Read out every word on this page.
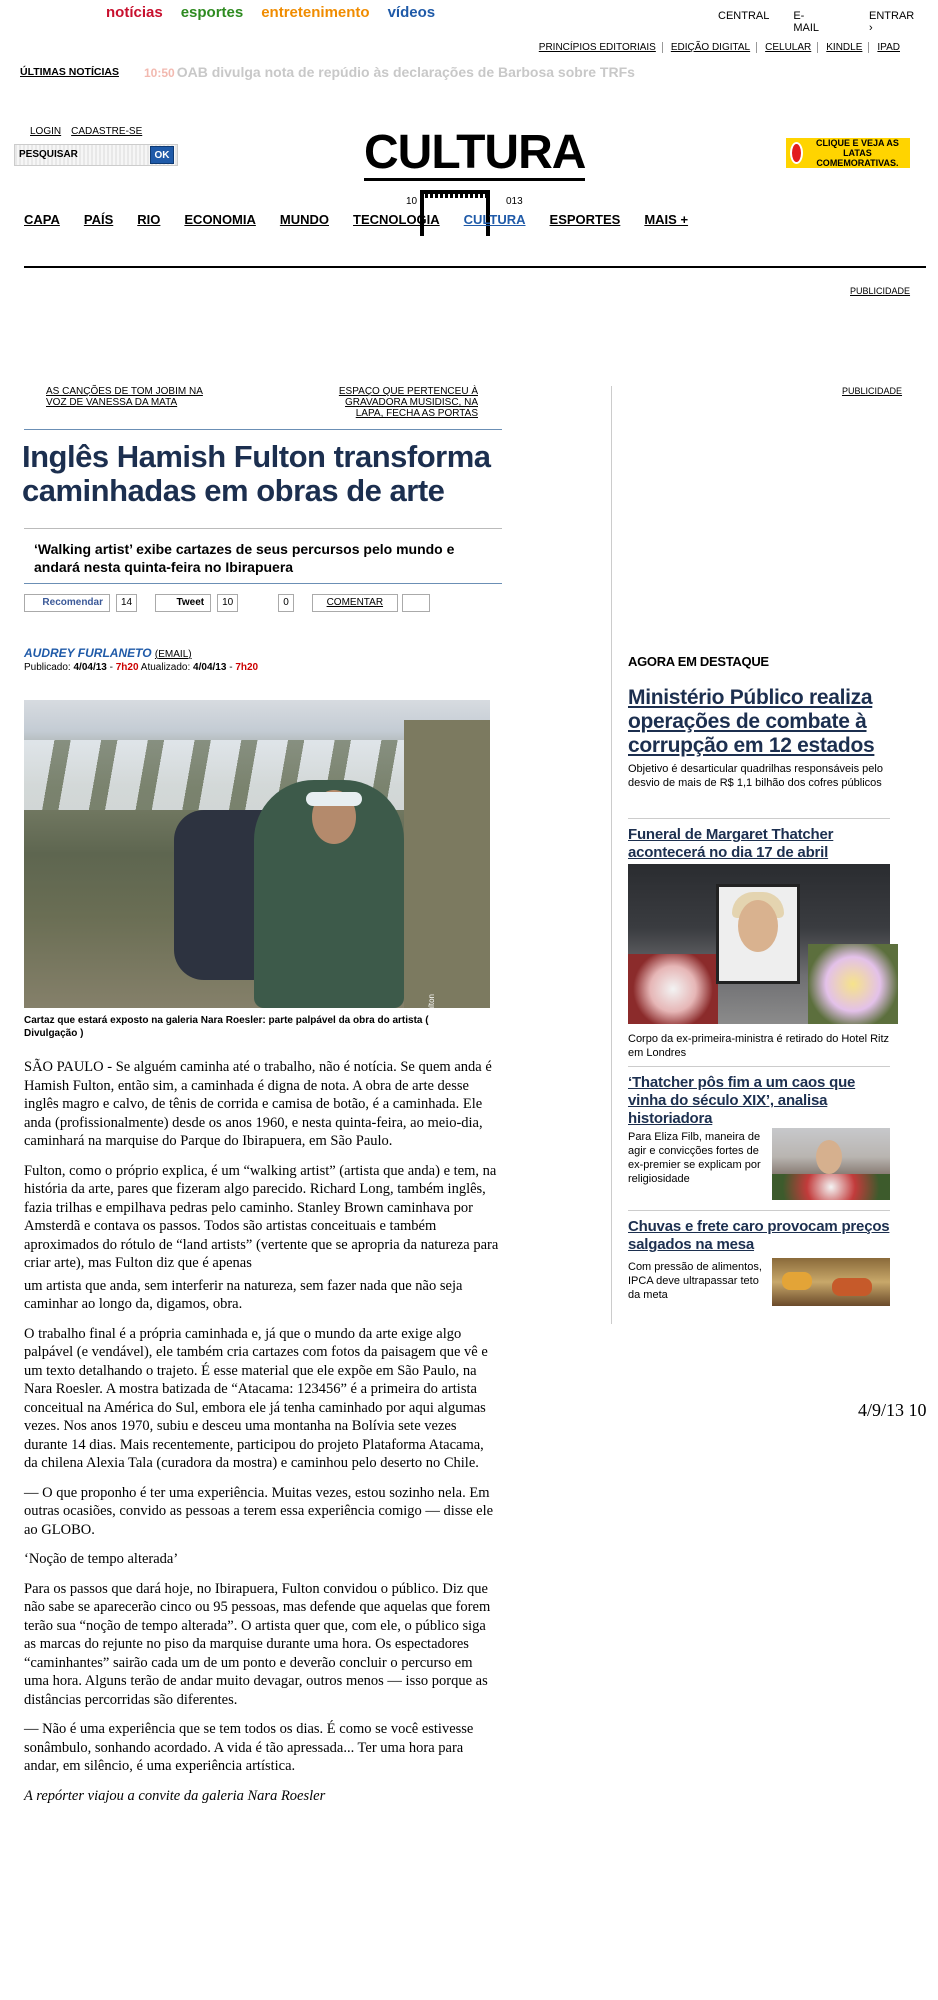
notícias esportes entretenimento vídeos	CENTRAL E-MAIL
ENTRAR ›
PRINCÍPIOS EDITORIAIS	EDIÇÃO DIGITAL	CELULAR	KINDLE	IPAD
ÚLTIMAS NOTÍCIAS 10:50 OAB divulga nota de repúdio às declarações de Barbosa sobre TRFs
LOGIN CADASTRE-SE
PESQUISAR	OK	CULTURA	CLIQUE E VEJA AS LATAS COMEMORATIVAS.
10	013
CAPA PAÍS RIO ECONOMIA MUNDO TECNOLOGIA CULTURA ESPORTES MAIS +
PUBLICIDADE
AS CANÇÕES DE TOM JOBIM NA VOZ DE VANESSA DA MATA
ESPAÇO QUE PERTENCEU À GRAVADORA MUSIDISC, NA LAPA, FECHA AS PORTAS
Inglês Hamish Fulton transforma caminhadas em obras de arte
‘Walking artist’ exibe cartazes de seus percursos pelo mundo e andará nesta quinta-feira no Ibirapuera
Recomendar	14	Tweet	10	0	COMENTAR
AUDREY FURLANETO (EMAIL)
Publicado: 4/04/13 - 7h20 Atualizado: 4/04/13 - 7h20
Hamish Fulton: Photo by Casey Fulton
Cartaz que estará exposto na galeria Nara Roesler: parte palpável da obra do artista ( Divulgação )

SÃO PAULO - Se alguém caminha até o trabalho, não é notícia. Se quem anda é Hamish Fulton, então sim, a caminhada é digna de nota. A obra de arte desse inglês magro e calvo, de tênis de corrida e camisa de botão, é a caminhada. Ele anda (profissionalmente) desde os anos 1960, e nesta quinta-feira, ao meio-dia, caminhará na marquise do Parque do Ibirapuera, em São Paulo.

Fulton, como o próprio explica, é um “walking artist” (artista que anda) e tem, na história da arte, pares que fizeram algo parecido. Richard Long, também inglês, fazia trilhas e empilhava pedras pelo caminho. Stanley Brown caminhava por Amsterdã e contava os passos. Todos são artistas conceituais e também aproximados do rótulo de “land artists” (vertente que se apropria da natureza para criar arte), mas Fulton diz que é apenas

um artista que anda, sem interferir na natureza, sem fazer nada que não seja caminhar ao longo da, digamos, obra.

O trabalho final é a própria caminhada e, já que o mundo da arte exige algo palpável (e vendável), ele também cria cartazes com fotos da paisagem que vê e um texto detalhando o trajeto. É esse material que ele expõe em São Paulo, na Nara Roesler. A mostra batizada de “Atacama: 123456” é a primeira do artista conceitual na América do Sul, embora ele já tenha caminhado por aqui algumas vezes. Nos anos 1970, subiu e desceu uma montanha na Bolívia sete vezes durante 14 dias. Mais recentemente, participou do projeto Plataforma Atacama, da chilena Alexia Tala (curadora da mostra) e caminhou pelo deserto no Chile.

— O que proponho é ter uma experiência. Muitas vezes, estou sozinho nela. Em outras ocasiões, convido as pessoas a terem essa experiência comigo — disse ele ao GLOBO.

‘Noção de tempo alterada’

Para os passos que dará hoje, no Ibirapuera, Fulton convidou o público. Diz que não sabe se aparecerão cinco ou 95 pessoas, mas defende que aquelas que forem terão sua “noção de tempo alterada”. O artista quer que, com ele, o público siga as marcas do rejunte no piso da marquise durante uma hora. Os espectadores “caminhantes” sairão cada um de um ponto e deverão concluir o percurso em uma hora. Alguns terão de andar muito devagar, outros menos — isso porque as distâncias percorridas são diferentes.

— Não é uma experiência que se tem todos os dias. É como se você estivesse sonâmbulo, sonhando acordado. A vida é tão apressada... Ter uma hora para andar, em silêncio, é uma experiência artística.

A repórter viajou a convite da galeria Nara Roesler

PUBLICIDADE
AGORA EM DESTAQUE
Ministério Público realiza operações de combate à corrupção em 12 estados
Objetivo é desarticular quadrilhas responsáveis pelo desvio de mais de R$ 1,1 bilhão dos cofres públicos
Funeral de Margaret Thatcher acontecerá no dia 17 de abril
Corpo da ex-primeira-ministra é retirado do Hotel Ritz em Londres
‘Thatcher pôs fim a um caos que vinha do século XIX’, analisa historiadora
Para Eliza Filb, maneira de agir e convicções fortes de ex-premier se explicam por religiosidade
Chuvas e frete caro provocam preços salgados na mesa
Com pressão de alimentos, IPCA deve ultrapassar teto da meta
4/9/13 10
